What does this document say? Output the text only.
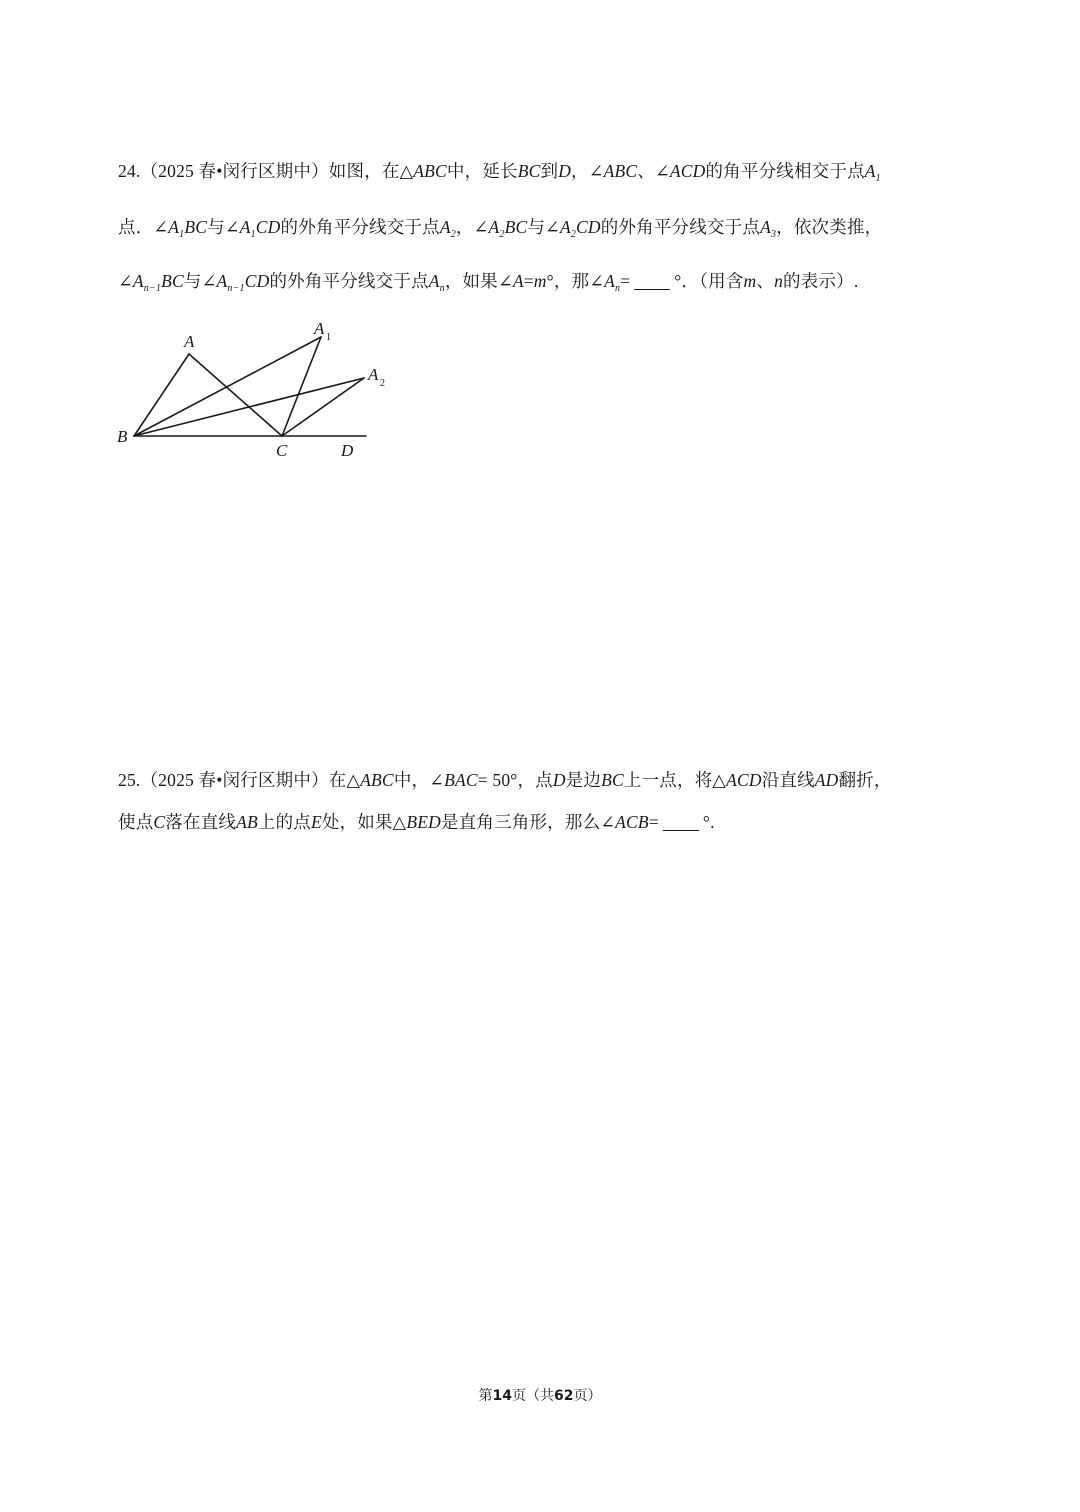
24.（2025 春•闵行区期中）如图，在△ABC中，延长BC到D，∠ABC、∠ACD的角平分线相交于点$A_1$
点．$\angle A_1BC$与$\angle A_1CD$的外角平分线交于点$A_2$，$\angle A_2BC$与$\angle A_2CD$的外角平分线交于点$A_3$，依次类推，
$\angle A_{n-1}BC$与$\angle A_{n-1}CD$的外角平分线交于点$A_n$，如果∠A=m°，那$\angle A_n=$	°．（用含m、n的表示）.
A
A 1
A 2
B
C	D
25.（2025 春•闵行区期中）在△ABC中，∠BAC= 50°，点D是边BC上一点，将△ACD沿直线AD翻折，
使点C落在直线AB上的点E处，如果△BED是直角三角形，那么∠ACB=	°.
第14页（共62页）
